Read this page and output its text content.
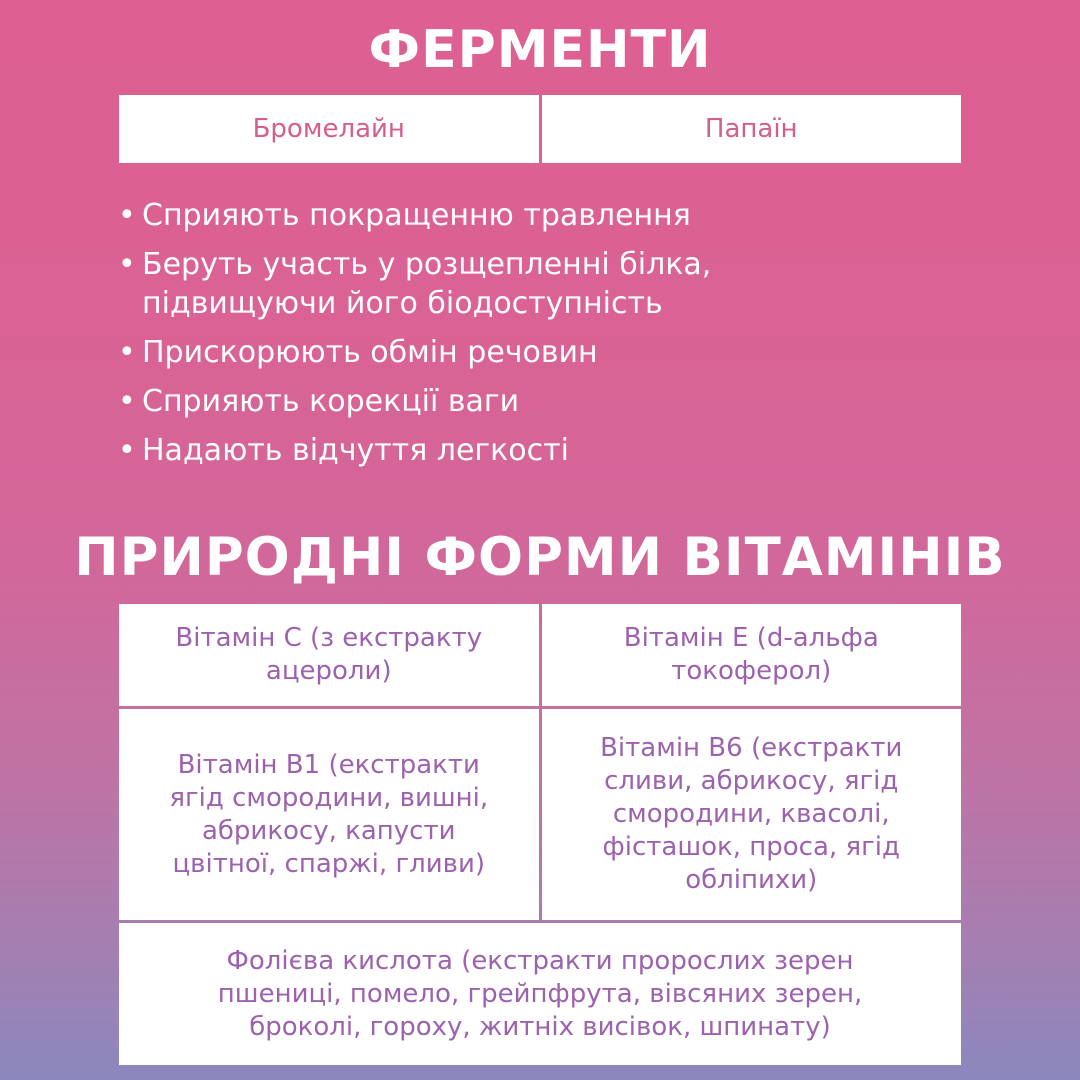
ФЕРМЕНТИ
Бромелайн	Папаїн
• Сприяють покращенню травлення
• Беруть участь у розщепленні білка,
підвищуючи його біодоступність
• Прискорюють обмін речовин
• Сприяють корекції ваги
• Надають відчуття легкості
ПРИРОДНІ ФОРМИ ВІТАМІНІВ
Вітамін С (з екстракту
ацероли)
Вітамін Е (d-альфа
токоферол)
Вітамін В1 (екстракти
ягід смородини, вишні,
абрикосу, капусти
цвітної, спаржі, гливи)
Вітамін В6 (екстракти
сливи, абрикосу, ягід
смородини, квасолі,
фісташок, проса, ягід
обліпихи)
Фолієва кислота (екстракти пророслих зерен
пшениці, помело, грейпфрута, вівсяних зерен,
броколі, гороху, житніх висівок, шпинату)
